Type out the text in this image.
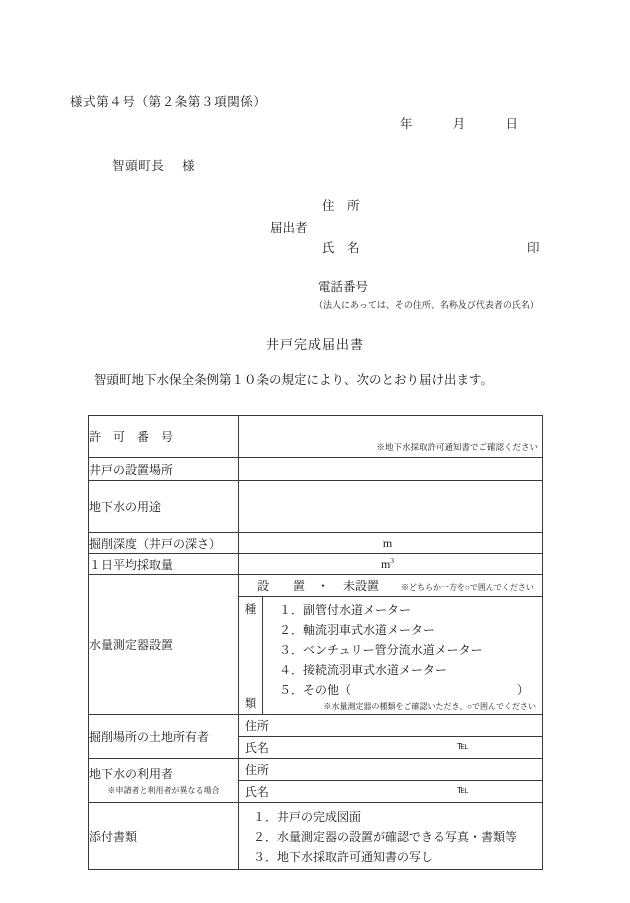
様式第４号（第２条第３項関係）
年	月	日
智頭町長 様
住　所
届出者
氏　名	印
電話番号
（法人にあっては、その住所、名称及び代表者の氏名）
井戸完成届出書
智頭町地下水保全条例第１０条の規定により、次のとおり届け出ます。
許　可　番　号	※地下水採取許可通知書でご確認ください

井戸の設置場所	
地下水の用途	
掘削深度（井戸の深さ）	m
１日平均採取量	$m^3$
水量測定器設置	
設　置 ・ 未設置	※どちらか一方を○で囲んでください
種
類
１．副管付水道メーター
２．軸流羽車式水道メーター
３．ベンチュリー管分流水道メーター
４．接続流羽車式水道メーター
５．その他（	）
※水量測定器の種類をご確認いただき、○で囲んでください

掘削場所の土地所有者	住所
氏名 ℡

地下水の利用者
※申請者と利用者が異なる場合

住所
氏名	℡

添付書類	１．井戸の完成図面
２．水量測定器の設置が確認できる写真・書類等
３．地下水採取許可通知書の写し
